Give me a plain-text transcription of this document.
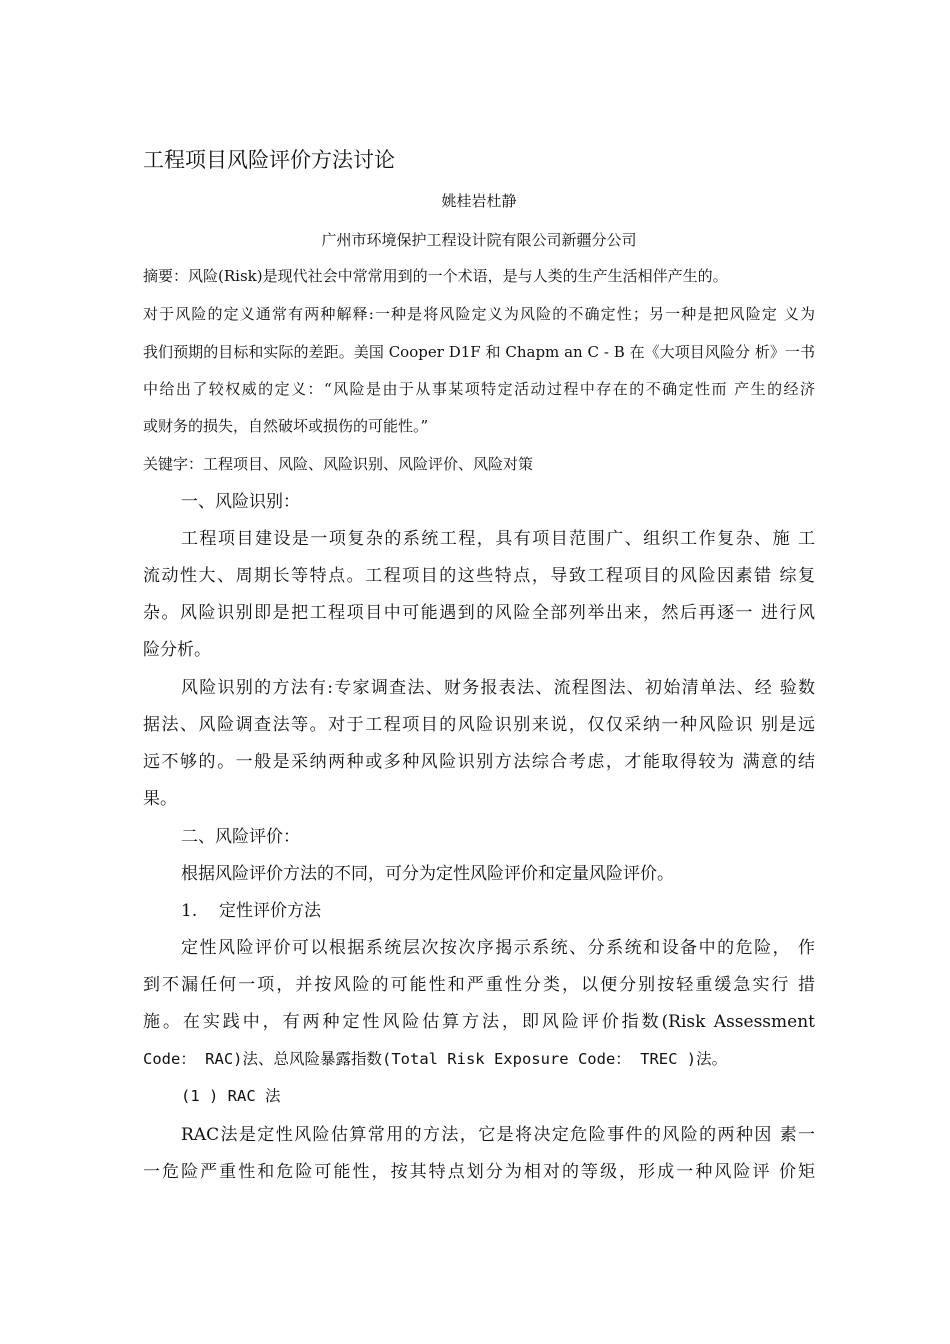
工程项目风险评价方法讨论
姚桂岩杜静
广州市环境保护工程设计院有限公司新疆分公司
摘要：风险(Risk)是现代社会中常常用到的一个术语，是与人类的生产生活相伴产生的。
对于风险的定义通常有两种解释:一种是将风险定义为风险的不确定性；另一种是把风险定 义为
我们预期的目标和实际的差距。美国 Cooper D1F 和 Chapm an C - B 在《大项目风险分 析》一书
中给出了较权威的定义：“风险是由于从事某项特定活动过程中存在的不确定性而 产生的经济
或财务的损失，自然破坏或损伤的可能性。”
关键字：工程项目、风险、风险识别、风险评价、风险对策
一、风险识别：
工程项目建设是一项复杂的系统工程，具有项目范围广、组织工作复杂、施 工
流动性大、周期长等特点。工程项目的这些特点，导致工程项目的风险因素错 综复
杂。风险识别即是把工程项目中可能遇到的风险全部列举出来，然后再逐一 进行风
险分析。
风险识别的方法有:专家调查法、财务报表法、流程图法、初始清单法、经 验数
据法、风险调查法等。对于工程项目的风险识别来说，仅仅采纳一种风险识 别是远
远不够的。一般是采纳两种或多种风险识别方法综合考虑，才能取得较为 满意的结
果。
二、风险评价：
根据风险评价方法的不同，可分为定性风险评价和定量风险评价。
1.	定性评价方法
定性风险评价可以根据系统层次按次序揭示系统、分系统和设备中的危险， 作
到不漏任何一项，并按风险的可能性和严重性分类，以便分别按轻重缓急实行 措
施。在实践中，有两种定性风险估算方法，即风险评价指数(Risk Assessment
Code： RAC)法、总风险暴露指数(Total Risk Exposure Code： TREC )法。
(1 ) RAC 法
RAC法是定性风险估算常用的方法，它是将决定危险事件的风险的两种因 素一
一危险严重性和危险可能性，按其特点划分为相对的等级，形成一种风险评 价矩
